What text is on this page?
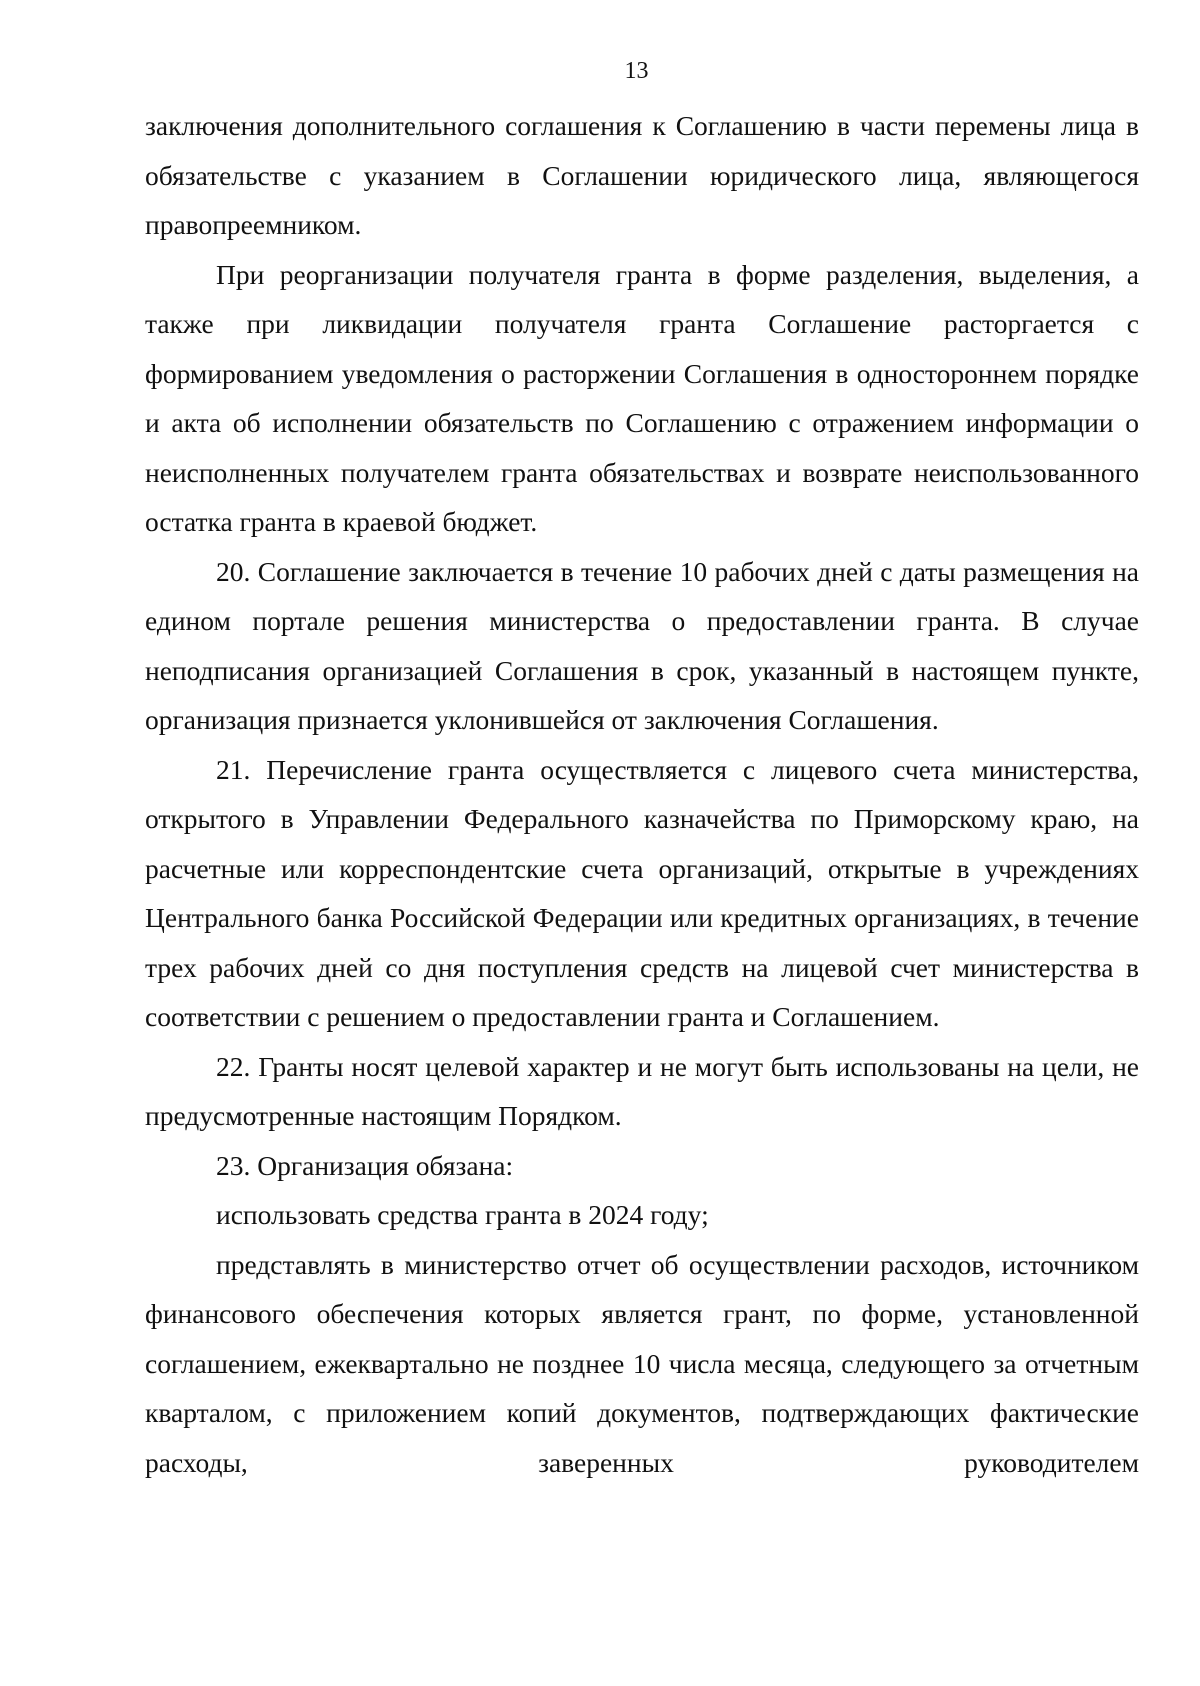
13

заключения дополнительного соглашения к Соглашению в части перемены лица в обязательстве с указанием в Соглашении юридического лица, являющегося правопреемником.

При реорганизации получателя гранта в форме разделения, выделения, а также при ликвидации получателя гранта Соглашение расторгается с формированием уведомления о расторжении Соглашения в одностороннем порядке и акта об исполнении обязательств по Соглашению с отражением информации о неисполненных получателем гранта обязательствах и возврате неиспользованного остатка гранта в краевой бюджет.

20. Соглашение заключается в течение 10 рабочих дней с даты размещения на едином портале решения министерства о предоставлении гранта. В случае неподписания организацией Соглашения в срок, указанный в настоящем пункте, организация признается уклонившейся от заключения Соглашения.

21. Перечисление гранта осуществляется с лицевого счета министерства, открытого в Управлении Федерального казначейства по Приморскому краю, на расчетные или корреспондентские счета организаций, открытые в учреждениях Центрального банка Российской Федерации или кредитных организациях, в течение трех рабочих дней со дня поступления средств на лицевой счет министерства в соответствии с решением о предоставлении гранта и Соглашением.

22. Гранты носят целевой характер и не могут быть использованы на цели, не предусмотренные настоящим Порядком.

23. Организация обязана:

использовать средства гранта в 2024 году;

представлять в министерство отчет об осуществлении расходов, источником финансового обеспечения которых является грант, по форме, установленной соглашением, ежеквартально не позднее 10 числа месяца, следующего за отчетным кварталом, с приложением копий документов, подтверждающих фактические расходы, заверенных руководителем
